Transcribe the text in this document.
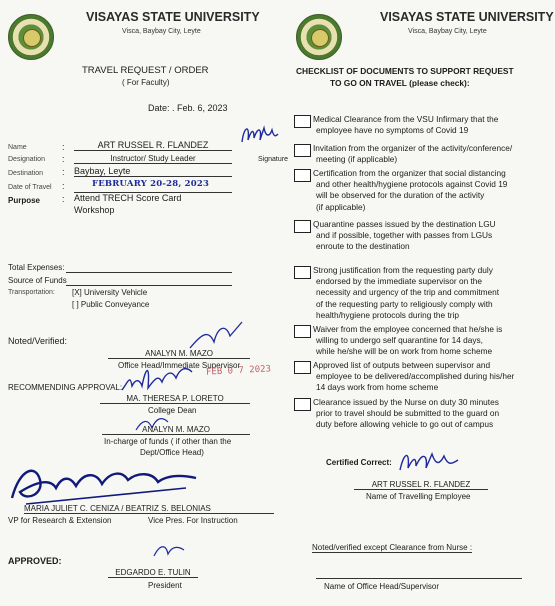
VISAYAS STATE UNIVERSITY
Visca, Baybay City, Leyte
TRAVEL REQUEST / ORDER
( For Faculty)
Date: . Feb. 6, 2023
Name	:	ART RUSSEL R. FLANDEZ
Signature
Designation :	Instructor/ Study Leader
Destination : Baybay, Leyte
Date of Travel :	FEBRUARY 20-28, 2023
Purpose : Attend TRECH Score Card
Workshop
Total Expenses:
Source of Funds
Transportation: [X] University Vehicle
[ ] Public Conveyance
Noted/Verified:
ANALYN M. MAZO
Office Head/Immediate Supervisor
RECOMMENDING APPROVAL:
FEB 0 7 2023
MA. THERESA P. LORETO
College Dean
ANALYN M. MAZO
In-charge of funds ( if other than the
Dept/Office Head)
MARIA JULIET C. CENIZA / BEATRIZ S. BELONIAS
VP for Research & Extension	Vice Pres. For Instruction
APPROVED:
EDGARDO E. TULIN
President
VISAYAS STATE UNIVERSITY
Visca, Baybay City, Leyte
CHECKLIST OF DOCUMENTS TO SUPPORT REQUEST
TO GO ON TRAVEL (please check):
Medical Clearance from the VSU Infirmary that the
employee have no symptoms of Covid 19
Invitation from the organizer of the activity/conference/
meeting (if applicable)
Certification from the organizer that social distancing
and other health/hygiene protocols against Covid 19
will be observed for the duration of the activity
(if applicable)
Quarantine passes issued by the destination LGU
and if possible, together with passes from LGUs
enroute to the destination
Strong justification from the requesting party duly
endorsed by the immediate supervisor on the
necessity and urgency of the trip and commitment
of the requesting party to religiously comply with
health/hygiene protocols during the trip
Waiver from the employee concerned that he/she is
willing to undergo self quarantine for 14 days,
while he/she will be on work from home scheme
Approved list of outputs between supervisor and
employee to be delivered/accomplished during his/her
14 days work from home scheme
Clearance issued by the Nurse on duty 30 minutes
prior to travel should be submitted to the guard on
duty before allowing vehicle to go out of campus
Certified Correct:
ART RUSSEL R. FLANDEZ
Name of Travelling Employee
Noted/verified except Clearance from Nurse :
Name of Office Head/Supervisor
